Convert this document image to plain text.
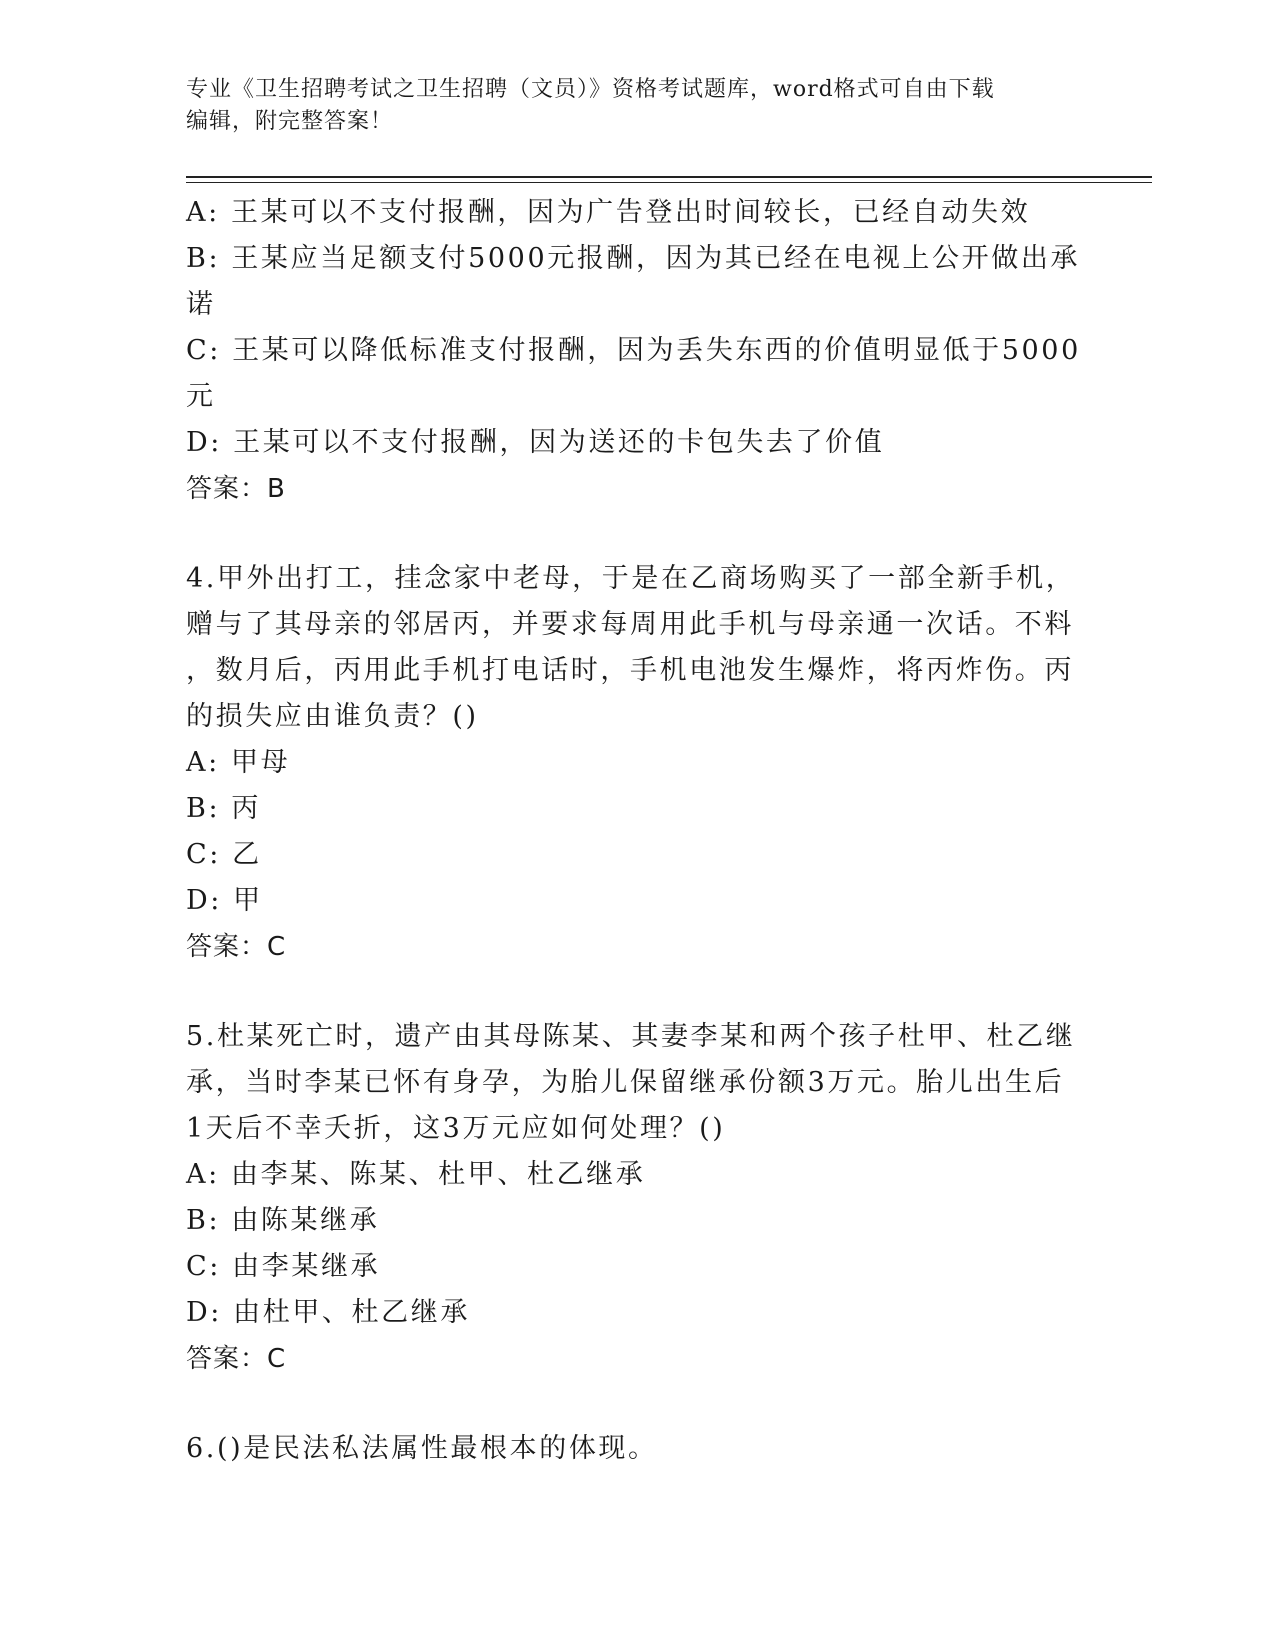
专业《卫生招聘考试之卫生招聘（文员）》资格考试题库，word格式可自由下载
编辑，附完整答案！
A: 王某可以不支付报酬，因为广告登出时间较长，已经自动失效
B: 王某应当足额支付5000元报酬，因为其已经在电视上公开做出承
诺
C: 王某可以降低标准支付报酬，因为丢失东西的价值明显低于5000
元
D: 王某可以不支付报酬，因为送还的卡包失去了价值
答案：B
4.甲外出打工，挂念家中老母，于是在乙商场购买了一部全新手机，
赠与了其母亲的邻居丙，并要求每周用此手机与母亲通一次话。不料
，数月后，丙用此手机打电话时，手机电池发生爆炸，将丙炸伤。丙
的损失应由谁负责？()
A: 甲母
B: 丙
C: 乙
D: 甲
答案：C
5.杜某死亡时，遗产由其母陈某、其妻李某和两个孩子杜甲、杜乙继
承，当时李某已怀有身孕，为胎儿保留继承份额3万元。胎儿出生后
1天后不幸夭折，这3万元应如何处理？()
A: 由李某、陈某、杜甲、杜乙继承
B: 由陈某继承
C: 由李某继承
D: 由杜甲、杜乙继承
答案：C
6.()是民法私法属性最根本的体现。
